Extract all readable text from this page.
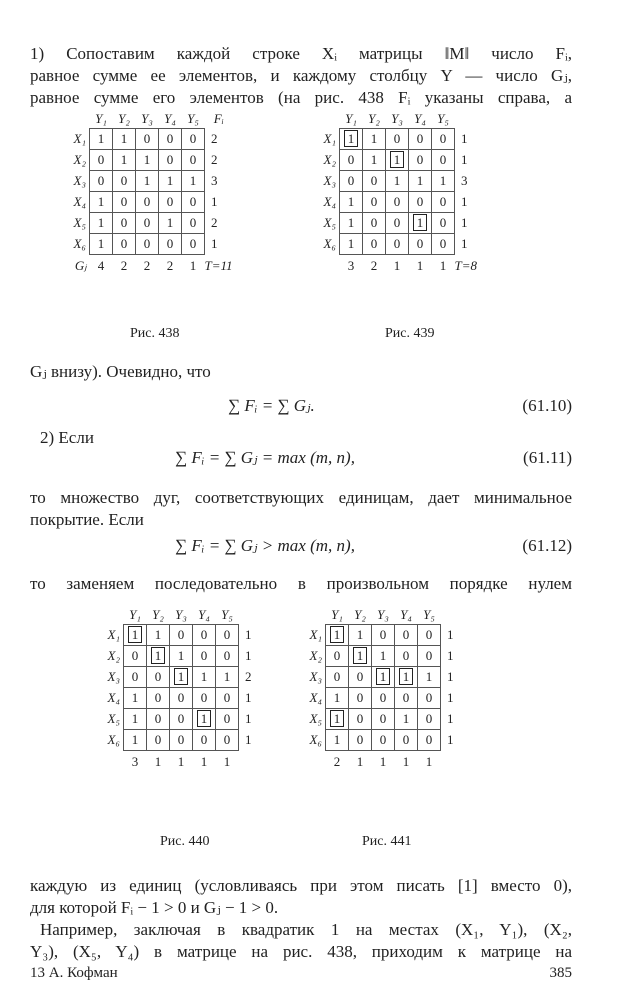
1) Сопоставим каждой строке Xᵢ матрицы ‖M‖ число Fᵢ,
равное сумме ее элементов, и каждому столбцу Y — число Gⱼ,
равное сумме его элементов (на рис. 438 Fᵢ указаны справа, а
	Y₁	Y₂	Y₃	Y₄	Y₅	Fᵢ
X₁	1	1	0	0	0	2
X₂	0	1	1	0	0	2
X₃	0	0	1	1	1	3
X₄	1	0	0	0	0	1
X₅	1	0	0	1	0	2
X₆	1	0	0	0	0	1
Gⱼ	4	2	2	2	1	T=11
Рис. 438
	Y₁	Y₂	Y₃	Y₄	Y₅	
X₁	1	1	0	0	0	1
X₂	0	1	1	0	0	1
X₃	0	0	1	1	1	3
X₄	1	0	0	0	0	1
X₅	1	0	0	1	0	1
X₆	1	0	0	0	0	1
	3	2	1	1	1	T=8
Рис. 439
Gⱼ внизу). Очевидно, что
∑ Fᵢ = ∑ Gⱼ.	(61.10)
2) Если
∑ Fᵢ = ∑ Gⱼ = max (m, n),	(61.11)
то множество дуг, соответствующих единицам, дает минимальное
покрытие. Если
∑ Fᵢ = ∑ Gⱼ > max (m, n),	(61.12)
то заменяем последовательно в произвольном порядке нулем
	Y₁	Y₂	Y₃	Y₄	Y₅	
X₁	1	1	0	0	0	1
X₂	0	1	1	0	0	1
X₃	0	0	1	1	1	2
X₄	1	0	0	0	0	1
X₅	1	0	0	1	0	1
X₆	1	0	0	0	0	1
	3	1	1	1	1	
Рис. 440
	Y₁	Y₂	Y₃	Y₄	Y₅	
X₁	1	1	0	0	0	1
X₂	0	1	1	0	0	1
X₃	0	0	1	1	1	1
X₄	1	0	0	0	0	1
X₅	1	0	0	1	0	1
X₆	1	0	0	0	0	1
	2	1	1	1	1	
Рис. 441
каждую из единиц (условливаясь при этом писать [1] вместо 0),
для которой Fᵢ − 1 > 0 и Gⱼ − 1 > 0.
Например, заключая в квадратик 1 на местах (X₁, Y₁), (X₂,
Y₃), (X₅, Y₄) в матрице на рис. 438, приходим к матрице на
13 А. Кофман	385
